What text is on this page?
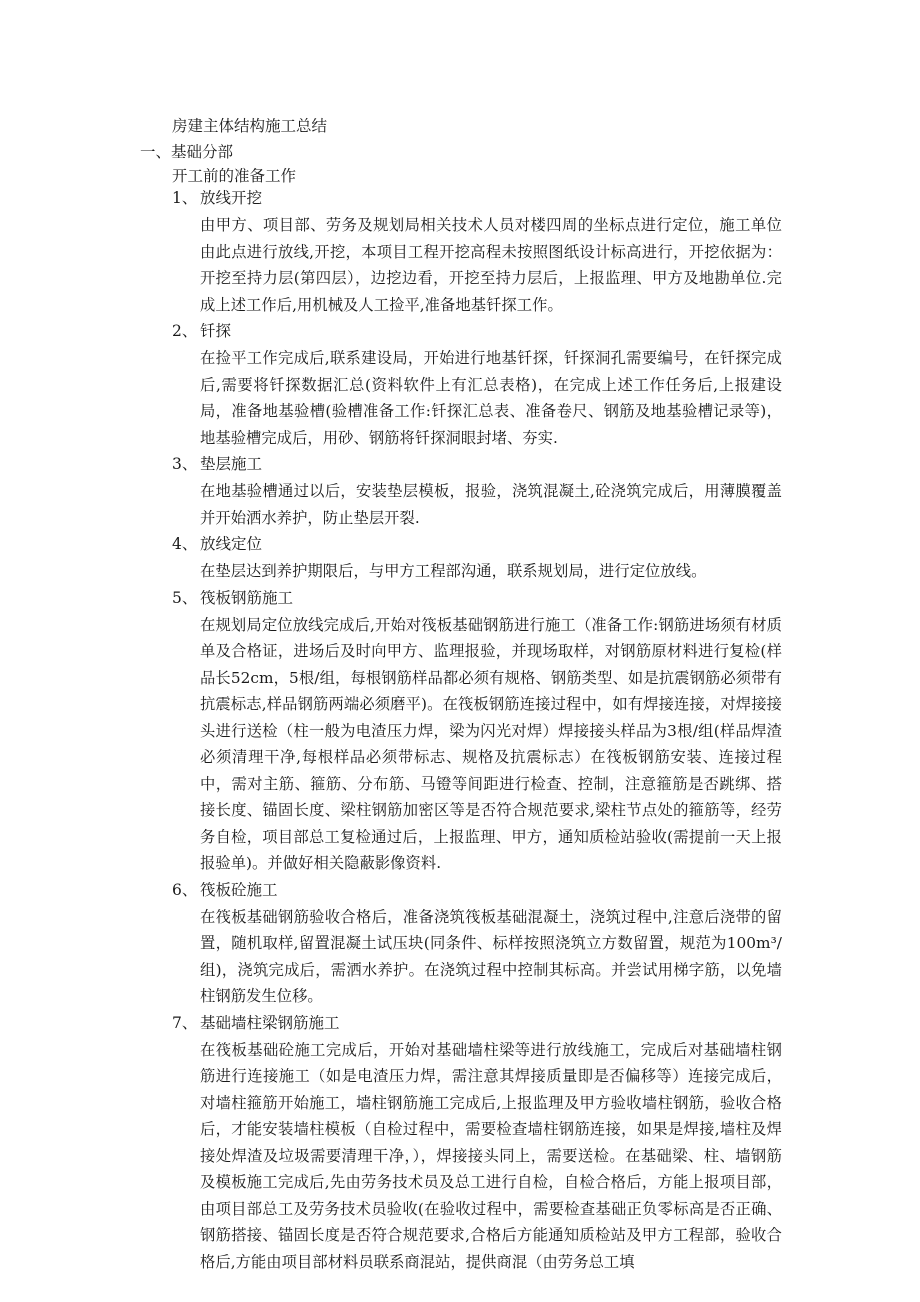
房建主体结构施工总结
一、基础分部
开工前的准备工作
1、 放线开挖
由甲方、项目部、劳务及规划局相关技术人员对楼四周的坐标点进行定位，施工单位由此点进行放线,开挖，本项目工程开挖高程未按照图纸设计标高进行，开挖依据为：开挖至持力层(第四层），边挖边看，开挖至持力层后，上报监理、甲方及地勘单位.完成上述工作后,用机械及人工捡平,准备地基钎探工作。
2、 钎探
在捡平工作完成后,联系建设局，开始进行地基钎探，钎探洞孔需要编号，在钎探完成后,需要将钎探数据汇总(资料软件上有汇总表格)，在完成上述工作任务后,上报建设局，准备地基验槽(验槽准备工作:钎探汇总表、准备卷尺、钢筋及地基验槽记录等)，地基验槽完成后，用砂、钢筋将钎探洞眼封堵、夯实.
3、 垫层施工
在地基验槽通过以后，安装垫层模板，报验，浇筑混凝土,砼浇筑完成后，用薄膜覆盖并开始洒水养护，防止垫层开裂.
4、 放线定位
在垫层达到养护期限后，与甲方工程部沟通，联系规划局，进行定位放线。
5、 筏板钢筋施工
在规划局定位放线完成后,开始对筏板基础钢筋进行施工（准备工作:钢筋进场须有材质单及合格证，进场后及时向甲方、监理报验，并现场取样，对钢筋原材料进行复检(样品长52cm，5根/组，每根钢筋样品都必须有规格、钢筋类型、如是抗震钢筋必须带有抗震标志,样品钢筋两端必须磨平)。在筏板钢筋连接过程中，如有焊接连接，对焊接接头进行送检（柱一般为电渣压力焊，梁为闪光对焊）焊接接头样品为3根/组(样品焊渣必须清理干净,每根样品必须带标志、规格及抗震标志）在筏板钢筋安装、连接过程中，需对主筋、箍筋、分布筋、马镫等间距进行检查、控制，注意箍筋是否跳绑、搭接长度、锚固长度、梁柱钢筋加密区等是否符合规范要求,梁柱节点处的箍筋等，经劳务自检，项目部总工复检通过后，上报监理、甲方，通知质检站验收(需提前一天上报报验单)。并做好相关隐蔽影像资料.
6、 筏板砼施工
在筏板基础钢筋验收合格后，准备浇筑筏板基础混凝土，浇筑过程中,注意后浇带的留置，随机取样,留置混凝土试压块(同条件、标样按照浇筑立方数留置，规范为100m³/组)，浇筑完成后，需洒水养护。在浇筑过程中控制其标高。并尝试用梯字筋，以免墙柱钢筋发生位移。
7、 基础墙柱梁钢筋施工
在筏板基础砼施工完成后，开始对基础墙柱梁等进行放线施工，完成后对基础墙柱钢筋进行连接施工（如是电渣压力焊，需注意其焊接质量即是否偏移等）连接完成后，对墙柱箍筋开始施工，墙柱钢筋施工完成后,上报监理及甲方验收墙柱钢筋，验收合格后，才能安装墙柱模板（自检过程中，需要检查墙柱钢筋连接，如果是焊接,墙柱及焊接处焊渣及垃圾需要清理干净，），焊接接头同上，需要送检。在基础梁、柱、墙钢筋及模板施工完成后,先由劳务技术员及总工进行自检，自检合格后，方能上报项目部，由项目部总工及劳务技术员验收(在验收过程中，需要检查基础正负零标高是否正确、钢筋搭接、锚固长度是否符合规范要求,合格后方能通知质检站及甲方工程部，验收合格后,方能由项目部材料员联系商混站，提供商混（由劳务总工填
